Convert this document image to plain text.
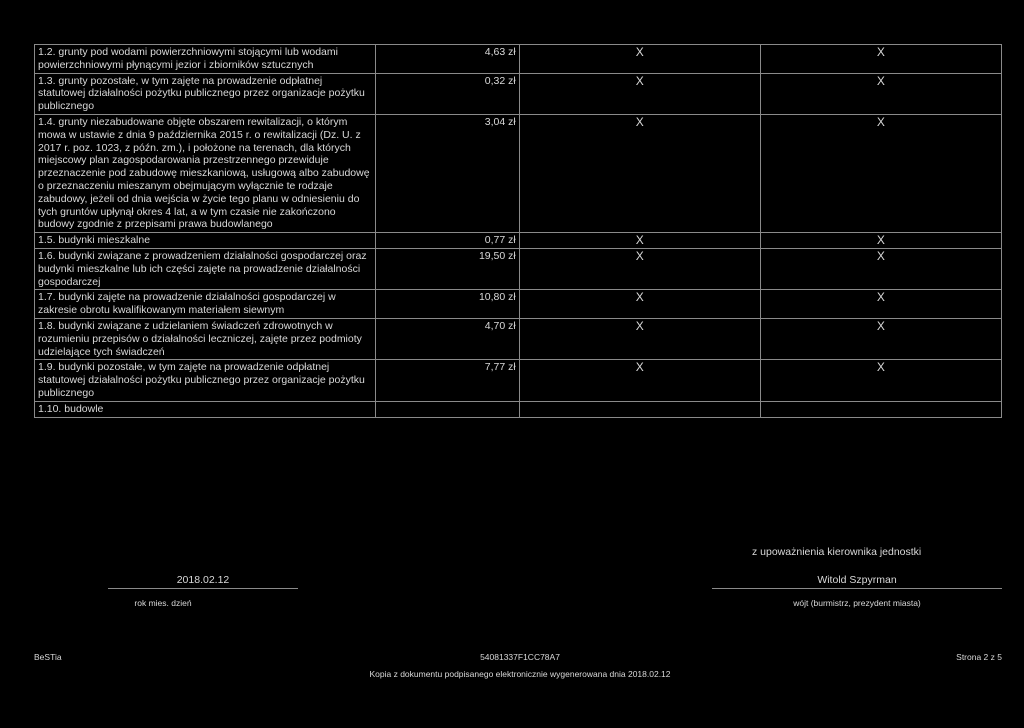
1.2. grunty pod wodami powierzchniowymi stojącymi lub wodami powierzchniowymi płynącymi jezior i zbiorników sztucznych	4,63 zł	X	X
1.3. grunty pozostałe, w tym zajęte na prowadzenie odpłatnej statutowej działalności pożytku publicznego przez organizacje pożytku publicznego	0,32 zł	X	X
1.4. grunty niezabudowane objęte obszarem rewitalizacji, o którym mowa w ustawie z dnia 9 października 2015 r. o rewitalizacji (Dz. U. z 2017 r. poz. 1023, z późn. zm.), i położone na terenach, dla których miejscowy plan zagospodarowania przestrzennego przewiduje przeznaczenie pod zabudowę mieszkaniową, usługową albo zabudowę o przeznaczeniu mieszanym obejmującym wyłącznie te rodzaje zabudowy, jeżeli od dnia wejścia w życie tego planu w odniesieniu do tych gruntów upłynął okres 4 lat, a w tym czasie nie zakończono budowy zgodnie z przepisami prawa budowlanego	3,04 zł	X	X
1.5. budynki mieszkalne	0,77 zł	X	X
1.6. budynki związane z prowadzeniem działalności gospodarczej oraz budynki mieszkalne lub ich części zajęte na prowadzenie działalności gospodarczej	19,50 zł	X	X
1.7. budynki zajęte na prowadzenie działalności gospodarczej w zakresie obrotu kwalifikowanym materiałem siewnym	10,80 zł	X	X
1.8. budynki związane z udzielaniem świadczeń zdrowotnych w rozumieniu przepisów o działalności leczniczej, zajęte przez podmioty udzielające tych świadczeń	4,70 zł	X	X
1.9. budynki pozostałe, w tym zajęte na prowadzenie odpłatnej statutowej działalności pożytku publicznego przez organizacje pożytku publicznego	7,77 zł	X	X
1.10. budowle			
z upoważnienia kierownika jednostki
2018.02.12
rok mies. dzień
Witold Szpyrman
wójt (burmistrz, prezydent miasta)
BeSTia	54081337F1CC78A7	Strona 2 z 5
Kopia z dokumentu podpisanego elektronicznie wygenerowana dnia 2018.02.12
